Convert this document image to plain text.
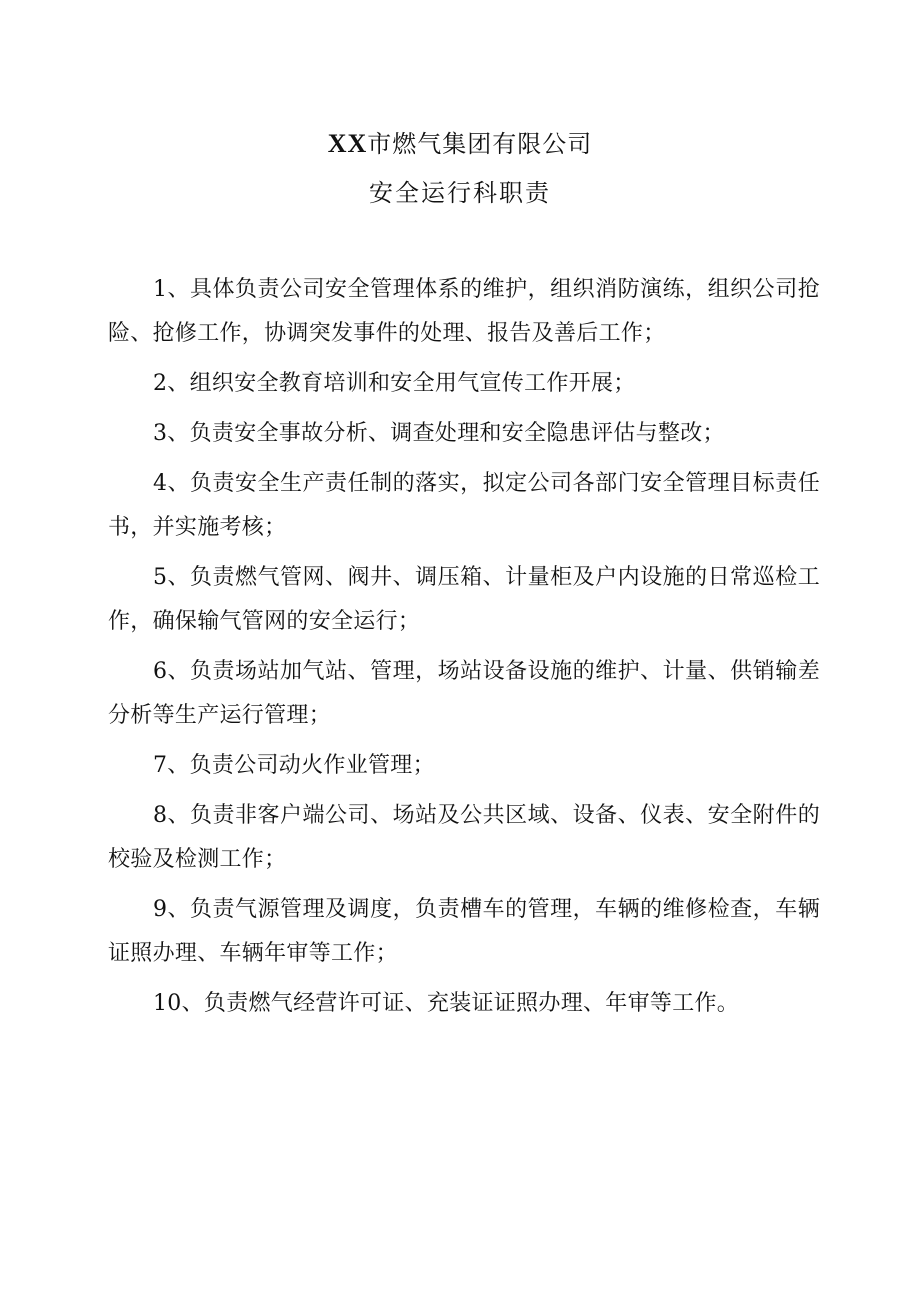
XX市燃气集团有限公司
安全运行科职责

1、具体负责公司安全管理体系的维护，组织消防演练，组织公司抢险、抢修工作，协调突发事件的处理、报告及善后工作；

2、组织安全教育培训和安全用气宣传工作开展；

3、负责安全事故分析、调查处理和安全隐患评估与整改；

4、负责安全生产责任制的落实，拟定公司各部门安全管理目标责任书，并实施考核；

5、负责燃气管网、阀井、调压箱、计量柜及户内设施的日常巡检工作，确保输气管网的安全运行；

6、负责场站加气站、管理，场站设备设施的维护、计量、供销输差分析等生产运行管理；

7、负责公司动火作业管理；

8、负责非客户端公司、场站及公共区域、设备、仪表、安全附件的校验及检测工作；

9、负责气源管理及调度，负责槽车的管理，车辆的维修检查，车辆证照办理、车辆年审等工作；

10、负责燃气经营许可证、充装证证照办理、年审等工作。
